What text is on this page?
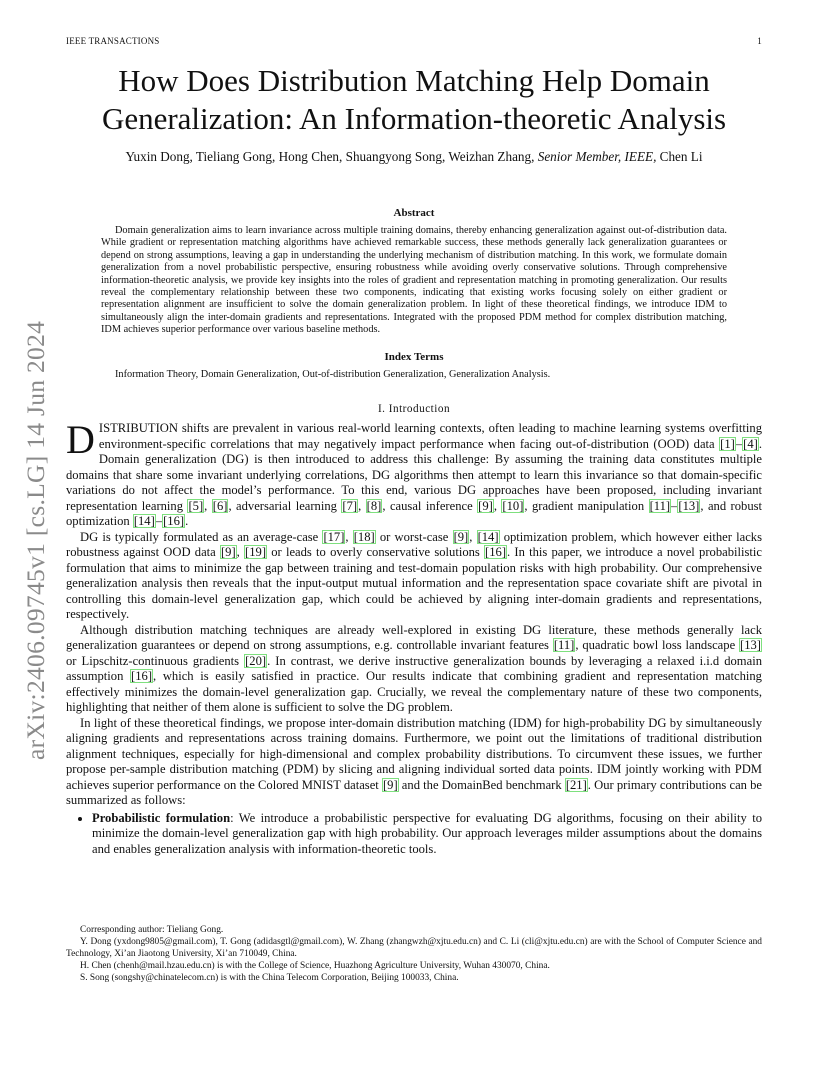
IEEE TRANSACTIONS	1
arXiv:2406.09745v1 [cs.LG] 14 Jun 2024
How Does Distribution Matching Help Domain
Generalization: An Information-theoretic Analysis
Yuxin Dong, Tieliang Gong, Hong Chen, Shuangyong Song, Weizhan Zhang, Senior Member, IEEE, Chen Li
Abstract

Domain generalization aims to learn invariance across multiple training domains, thereby enhancing generalization against out-of-distribution data. While gradient or representation matching algorithms have achieved remarkable success, these methods generally lack generalization guarantees or depend on strong assumptions, leaving a gap in understanding the underlying mechanism of distribution matching. In this work, we formulate domain generalization from a novel probabilistic perspective, ensuring robustness while avoiding overly conservative solutions. Through comprehensive information-theoretic analysis, we provide key insights into the roles of gradient and representation matching in promoting generalization. Our results reveal the complementary relationship between these two components, indicating that existing works focusing solely on either gradient or representation alignment are insufficient to solve the domain generalization problem. In light of these theoretical findings, we introduce IDM to simultaneously align the inter-domain gradients and representations. Integrated with the proposed PDM method for complex distribution matching, IDM achieves superior performance over various baseline methods.

Index Terms

Information Theory, Domain Generalization, Out-of-distribution Generalization, Generalization Analysis.

I. Introduction

DISTRIBUTION shifts are prevalent in various real-world learning contexts, often leading to machine learning systems overfitting environment-specific correlations that may negatively impact performance when facing out-of-distribution (OOD) data [1]–[4]. Domain generalization (DG) is then introduced to address this challenge: By assuming the training data constitutes multiple domains that share some invariant underlying correlations, DG algorithms then attempt to learn this invariance so that domain-specific variations do not affect the model’s performance. To this end, various DG approaches have been proposed, including invariant representation learning [5], [6], adversarial learning [7], [8], causal inference [9], [10], gradient manipulation [11]–[13], and robust optimization [14]–[16].

DG is typically formulated as an average-case [17], [18] or worst-case [9], [14] optimization problem, which however either lacks robustness against OOD data [9], [19] or leads to overly conservative solutions [16]. In this paper, we introduce a novel probabilistic formulation that aims to minimize the gap between training and test-domain population risks with high probability. Our comprehensive generalization analysis then reveals that the input-output mutual information and the representation space covariate shift are pivotal in controlling this domain-level generalization gap, which could be achieved by aligning inter-domain gradients and representations, respectively.

Although distribution matching techniques are already well-explored in existing DG literature, these methods generally lack generalization guarantees or depend on strong assumptions, e.g. controllable invariant features [11], quadratic bowl loss landscape [13] or Lipschitz-continuous gradients [20]. In contrast, we derive instructive generalization bounds by leveraging a relaxed i.i.d domain assumption [16], which is easily satisfied in practice. Our results indicate that combining gradient and representation matching effectively minimizes the domain-level generalization gap. Crucially, we reveal the complementary nature of these two components, highlighting that neither of them alone is sufficient to solve the DG problem.

In light of these theoretical findings, we propose inter-domain distribution matching (IDM) for high-probability DG by simultaneously aligning gradients and representations across training domains. Furthermore, we point out the limitations of traditional distribution alignment techniques, especially for high-dimensional and complex probability distributions. To circumvent these issues, we further propose per-sample distribution matching (PDM) by slicing and aligning individual sorted data points. IDM jointly working with PDM achieves superior performance on the Colored MNIST dataset [9] and the DomainBed benchmark [21]. Our primary contributions can be summarized as follows:

• Probabilistic formulation: We introduce a probabilistic perspective for evaluating DG algorithms, focusing on their ability to minimize the domain-level generalization gap with high probability. Our approach leverages milder assumptions about the domains and enables generalization analysis with information-theoretic tools.

Corresponding author: Tieliang Gong.

Y. Dong (yxdong9805@gmail.com), T. Gong (adidasgtl@gmail.com), W. Zhang (zhangwzh@xjtu.edu.cn) and C. Li (cli@xjtu.edu.cn) are with the School of Computer Science and Technology, Xi’an Jiaotong University, Xi’an 710049, China.

H. Chen (chenh@mail.hzau.edu.cn) is with the College of Science, Huazhong Agriculture University, Wuhan 430070, China.

S. Song (songshy@chinatelecom.cn) is with the China Telecom Corporation, Beijing 100033, China.
